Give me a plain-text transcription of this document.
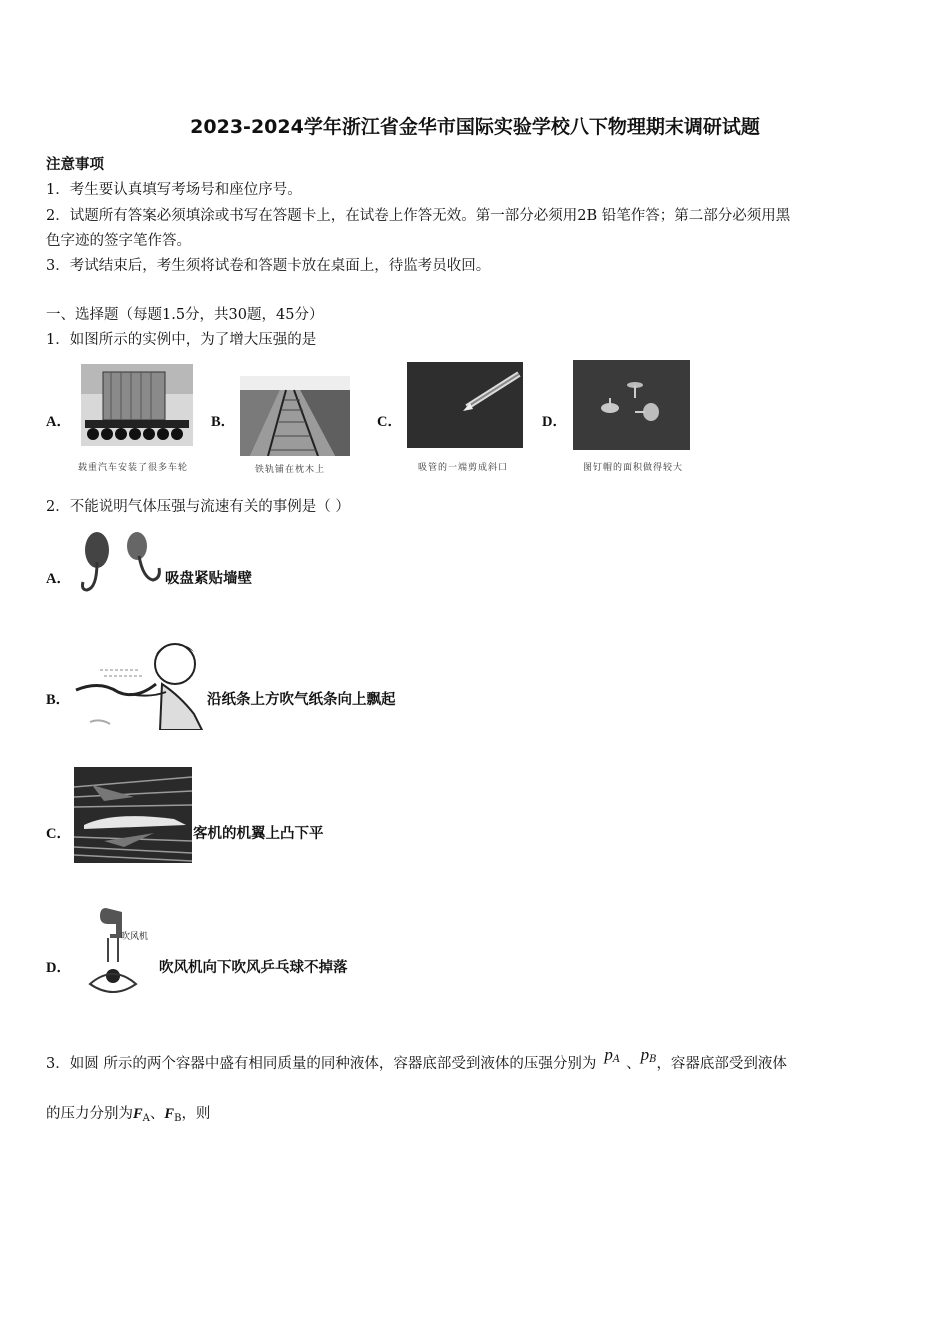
2023-2024学年浙江省金华市国际实验学校八下物理期末调研试题
注意事项
1．考生要认真填写考场号和座位序号。
2．试题所有答案必须填涂或书写在答题卡上，在试卷上作答无效。第一部分必须用2B 铅笔作答；第二部分必须用黑
色字迹的签字笔作答。
3．考试结束后，考生须将试卷和答题卡放在桌面上，待监考员收回。
一、选择题（每题1.5分，共30题，45分）
1．如图所示的实例中，为了增大压强的是
A．
载重汽车安装了很多车轮
B．
铁轨铺在枕木上
C．
吸管的一端剪成斜口
D．
图钉帽的面积做得较大
2．不能说明气体压强与流速有关的事例是（ ）
A．	吸盘紧贴墙壁
B．	沿纸条上方吹气纸条向上飘起
C．	客机的机翼上凸下平
D．
吹风机
吹风机向下吹风乒乓球不掉落
3．如圆 所示的两个容器中盛有相同质量的同种液体，容器底部受到液体的压强分别为 $p^A$ 、$p^B$，容器底部受到液体
的压力分别为$F_A$、$F_B$，则
